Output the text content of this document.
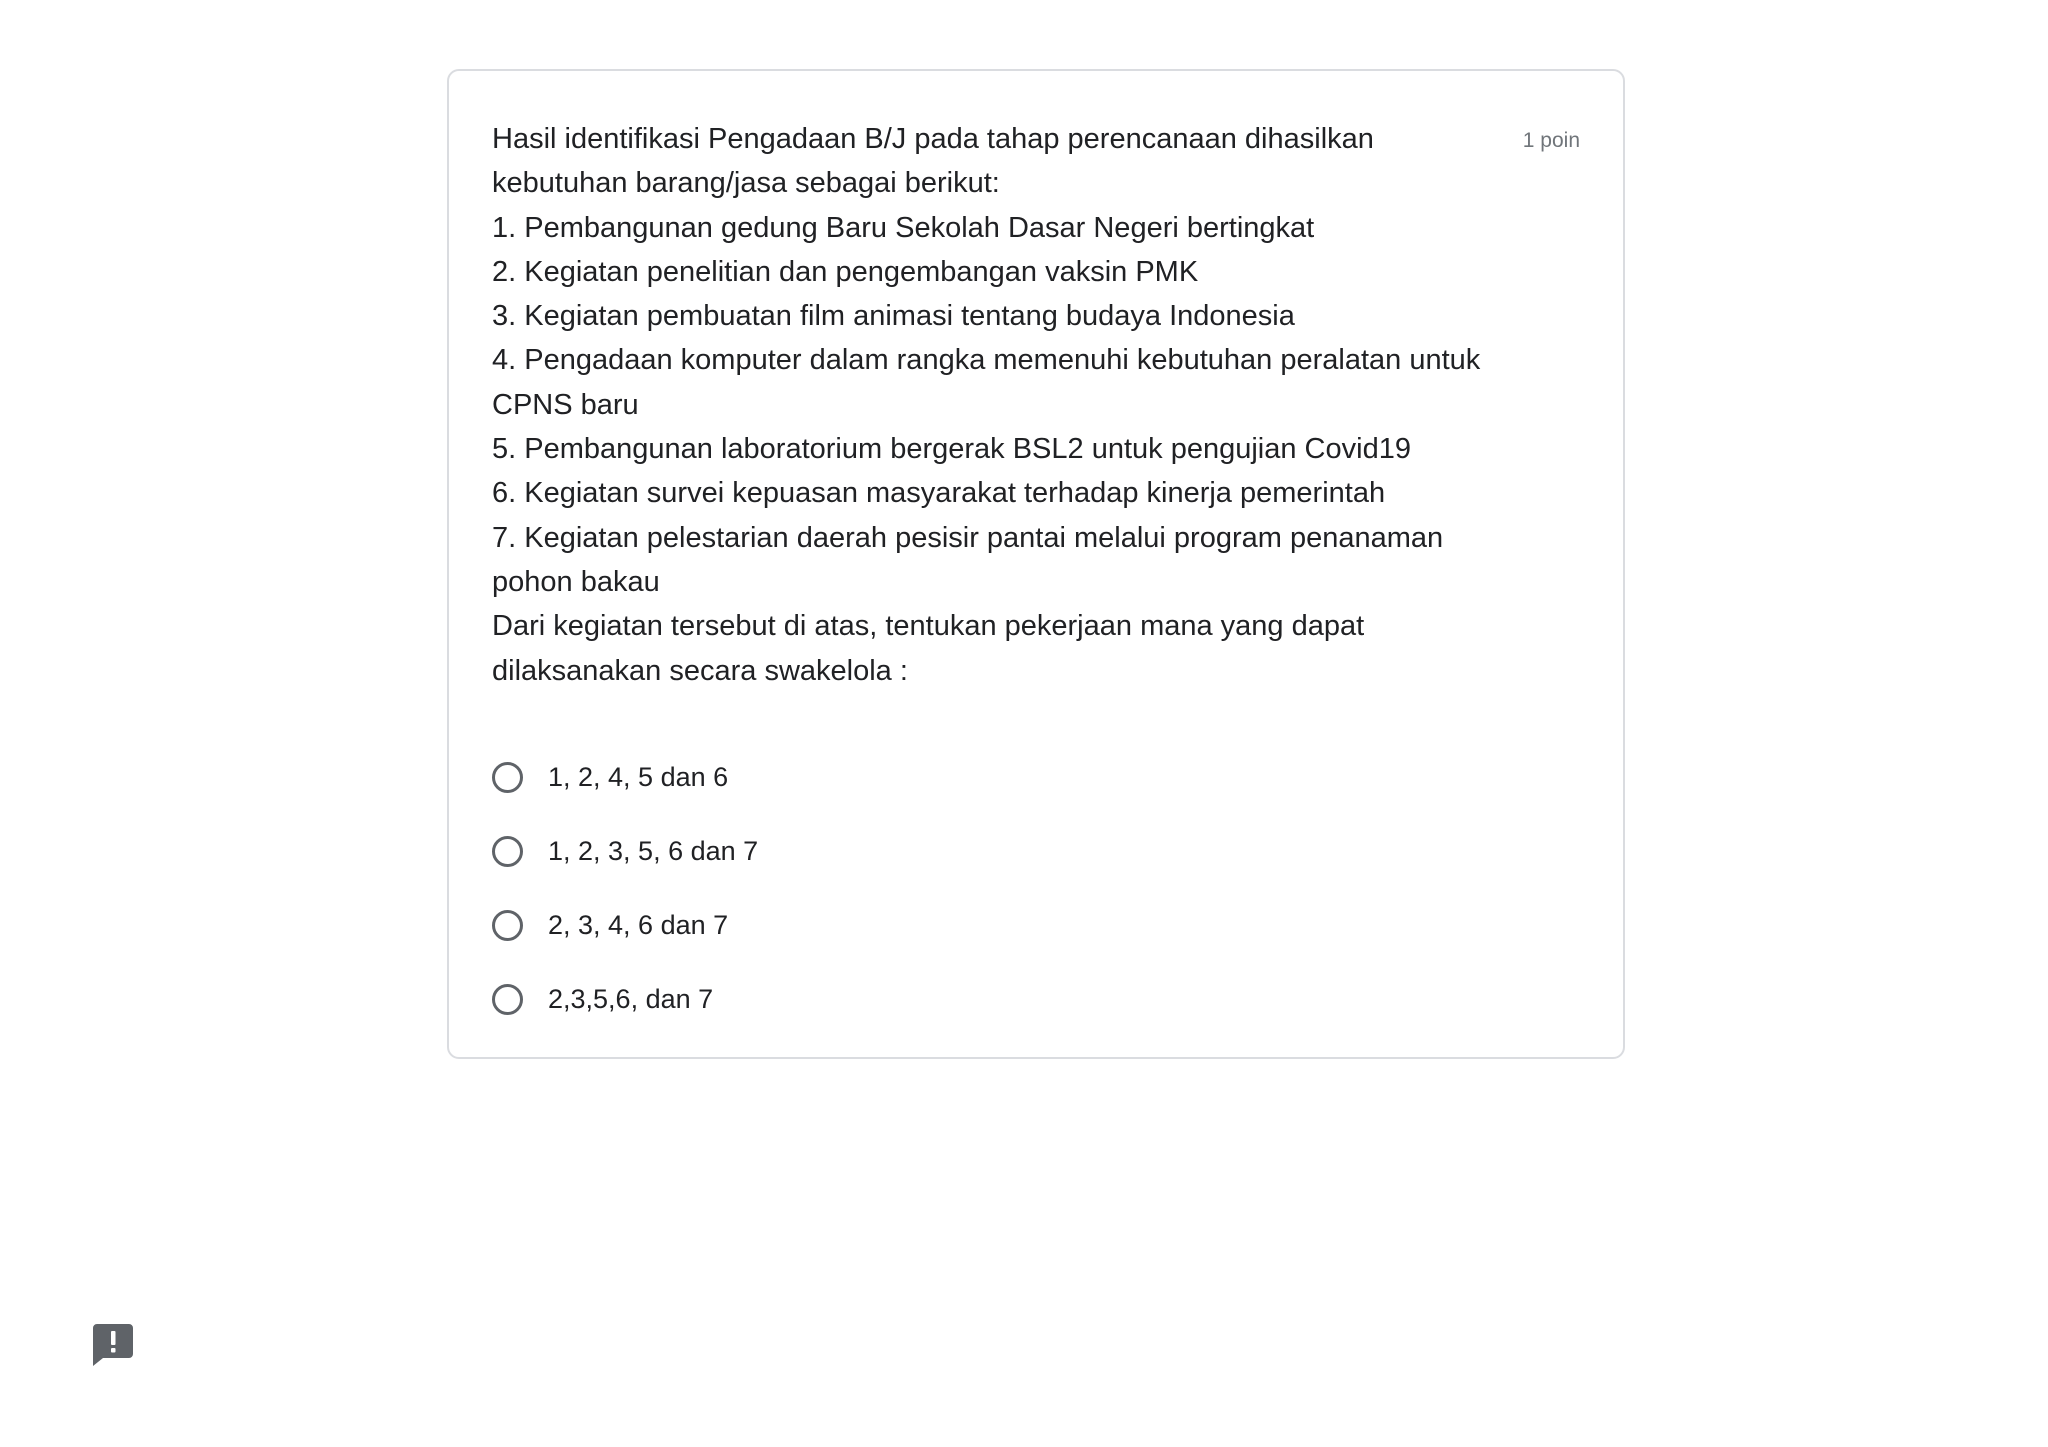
Hasil identifikasi Pengadaan B/J pada tahap perencanaan dihasilkan
kebutuhan barang/jasa sebagai berikut:
1. Pembangunan gedung Baru Sekolah Dasar Negeri bertingkat
2. Kegiatan penelitian dan pengembangan vaksin PMK
3. Kegiatan pembuatan film animasi tentang budaya Indonesia
4. Pengadaan komputer dalam rangka memenuhi kebutuhan peralatan untuk
CPNS baru
5. Pembangunan laboratorium bergerak BSL2 untuk pengujian Covid19
6. Kegiatan survei kepuasan masyarakat terhadap kinerja pemerintah
7. Kegiatan pelestarian daerah pesisir pantai melalui program penanaman
pohon bakau
Dari kegiatan tersebut di atas, tentukan pekerjaan mana yang dapat
dilaksanakan secara swakelola :
1 poin
1, 2, 4, 5 dan 6
1, 2, 3, 5, 6 dan 7
2, 3, 4, 6 dan 7
2,3,5,6, dan 7
